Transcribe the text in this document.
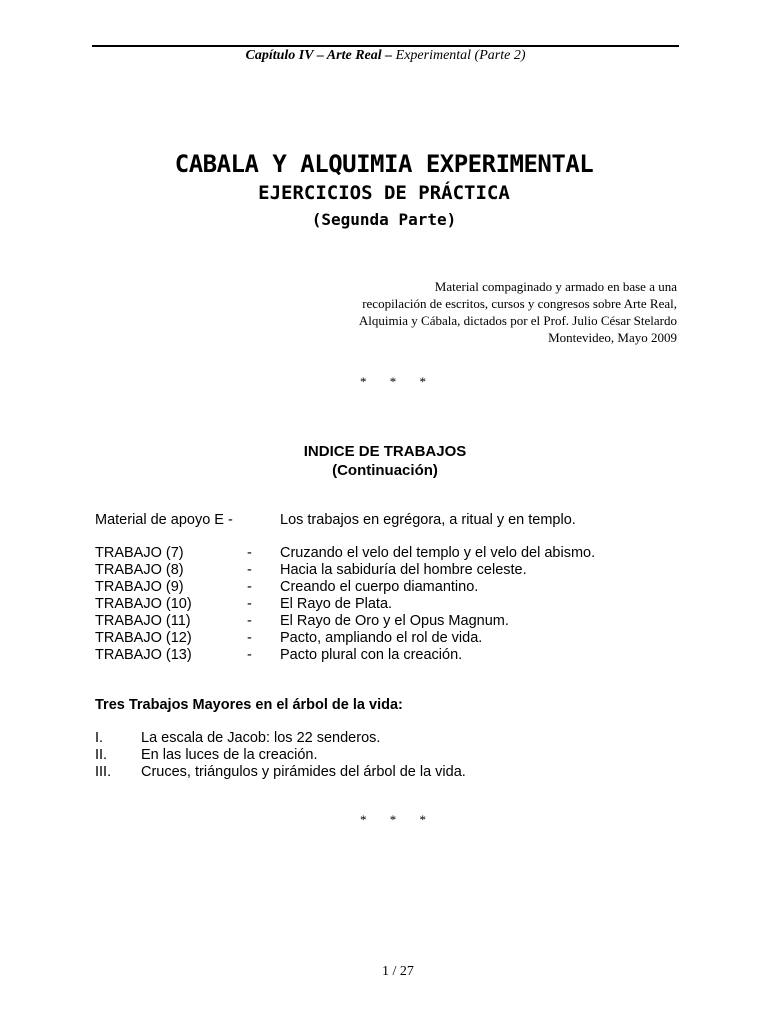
Capítulo IV – Arte Real – Experimental (Parte 2)
CABALA Y ALQUIMIA EXPERIMENTAL
EJERCICIOS DE PRÁCTICA
(Segunda Parte)
Material compaginado y armado en base a una
recopilación de escritos, cursos y congresos sobre Arte Real,
Alquimia y Cábala, dictados por el Prof. Julio César Stelardo
Montevideo, Mayo 2009
* * *
INDICE DE TRABAJOS
(Continuación)
Material de apoyo E -	Los trabajos en egrégora, a ritual y en templo.
TRABAJO (7)	- Cruzando el velo del templo y el velo del abismo.
TRABAJO (8)	- Hacia la sabiduría del hombre celeste.
TRABAJO (9)	- Creando el cuerpo diamantino.
TRABAJO (10)	- El Rayo de Plata.
TRABAJO (11)	- El Rayo de Oro y el Opus Magnum.
TRABAJO (12)	- Pacto, ampliando el rol de vida.
TRABAJO (13)	- Pacto plural con la creación.
Tres Trabajos Mayores en el árbol de la vida:
I.	La escala de Jacob: los 22 senderos.
II. En las luces de la creación.
III. Cruces, triángulos y pirámides del árbol de la vida.
* * *
1 / 27
